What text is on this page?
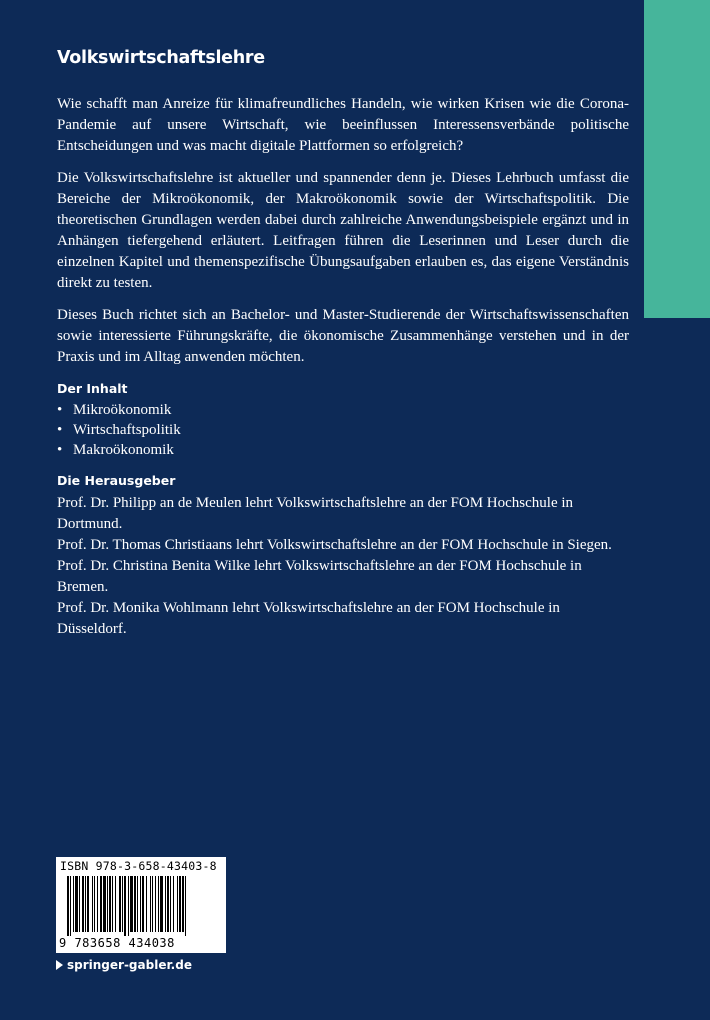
Volkswirtschaftslehre

Wie schafft man Anreize für klimafreundliches Handeln, wie wirken Krisen wie die Corona-Pandemie auf unsere Wirtschaft, wie beeinflussen Interessensverbände politische Entscheidungen und was macht digitale Plattformen so erfolgreich?

Die Volkswirtschaftslehre ist aktueller und spannender denn je. Dieses Lehrbuch umfasst die Bereiche der Mikroökonomik, der Makroökonomik sowie der Wirtschaftspolitik. Die theoretischen Grundlagen werden dabei durch zahlreiche Anwendungsbeispiele ergänzt und in Anhängen tiefergehend erläutert. Leitfragen führen die Leserinnen und Leser durch die einzelnen Kapitel und themenspezifische Übungsaufgaben erlauben es, das eigene Verständnis direkt zu testen.

Dieses Buch richtet sich an Bachelor- und Master-Studierende der Wirtschaftswissenschaften sowie interessierte Führungskräfte, die ökonomische Zusammenhänge verstehen und in der Praxis und im Alltag anwenden möchten.

Der Inhalt
• Mikroökonomik
• Wirtschaftspolitik
• Makroökonomik
Die Herausgeber

Prof. Dr. Philipp an de Meulen lehrt Volkswirtschaftslehre an der FOM Hochschule in Dortmund.

Prof. Dr. Thomas Christiaans lehrt Volkswirtschaftslehre an der FOM Hochschule in Siegen.

Prof. Dr. Christina Benita Wilke lehrt Volkswirtschaftslehre an der FOM Hochschule in Bremen.

Prof. Dr. Monika Wohlmann lehrt Volkswirtschaftslehre an der FOM Hochschule in Düsseldorf.

ISBN 978-3-658-43403-8
9 783658 434038
springer-gabler.de
